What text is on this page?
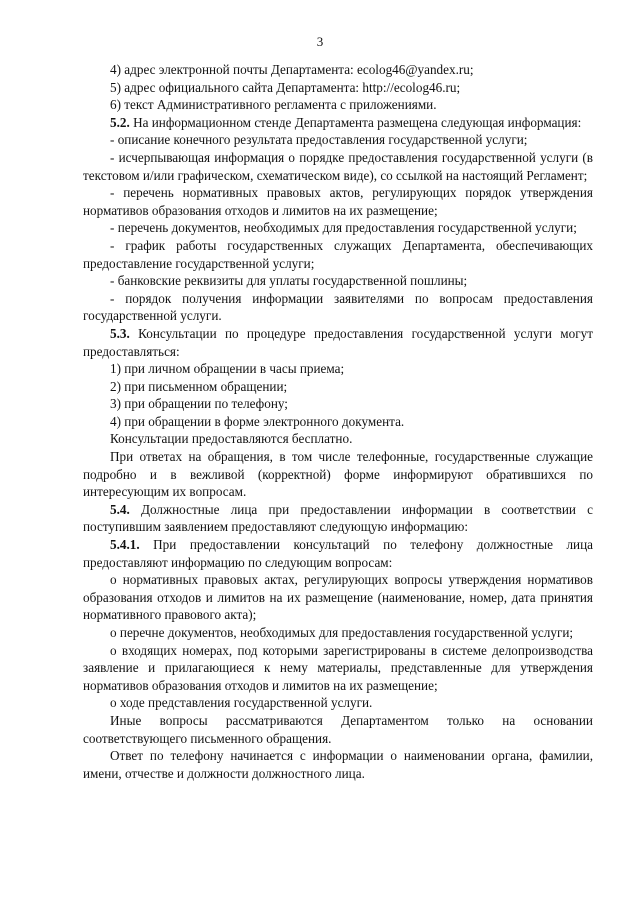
3

4) адрес электронной почты Департамента: ecolog46@yandex.ru;

5) адрес официального сайта Департамента: http://ecolog46.ru;

6) текст Административного регламента с приложениями.

5.2. На информационном стенде Департамента размещена следующая информация:

- описание конечного результата предоставления государственной услуги;

- исчерпывающая информация о порядке предоставления государственной услуги (в текстовом и/или графическом, схематическом виде), со ссылкой на настоящий Регламент;

- перечень нормативных правовых актов, регулирующих порядок утверждения нормативов образования отходов и лимитов на их размещение;

- перечень документов, необходимых для предоставления государственной услуги;

- график работы государственных служащих Департамента, обеспечивающих предоставление государственной услуги;

- банковские реквизиты для уплаты государственной пошлины;

- порядок получения информации заявителями по вопросам предоставления государственной услуги.

5.3. Консультации по процедуре предоставления государственной услуги могут предоставляться:

1) при личном обращении в часы приема;

2) при письменном обращении;

3) при обращении по телефону;

4) при обращении в форме электронного документа.

Консультации предоставляются бесплатно.

При ответах на обращения, в том числе телефонные, государственные служащие подробно и в вежливой (корректной) форме информируют обратившихся по интересующим их вопросам.

5.4. Должностные лица при предоставлении информации в соответствии с поступившим заявлением предоставляют следующую информацию:

5.4.1. При предоставлении консультаций по телефону должностные лица предоставляют информацию по следующим вопросам:

о нормативных правовых актах, регулирующих вопросы утверждения нормативов образования отходов и лимитов на их размещение (наименование, номер, дата принятия нормативного правового акта);

о перечне документов, необходимых для предоставления государственной услуги;

о входящих номерах, под которыми зарегистрированы в системе делопроизводства заявление и прилагающиеся к нему материалы, представленные для утверждения нормативов образования отходов и лимитов на их размещение;

о ходе представления государственной услуги.

Иные вопросы рассматриваются Департаментом только на основании соответствующего письменного обращения.

Ответ по телефону начинается с информации о наименовании органа, фамилии, имени, отчестве и должности должностного лица.
